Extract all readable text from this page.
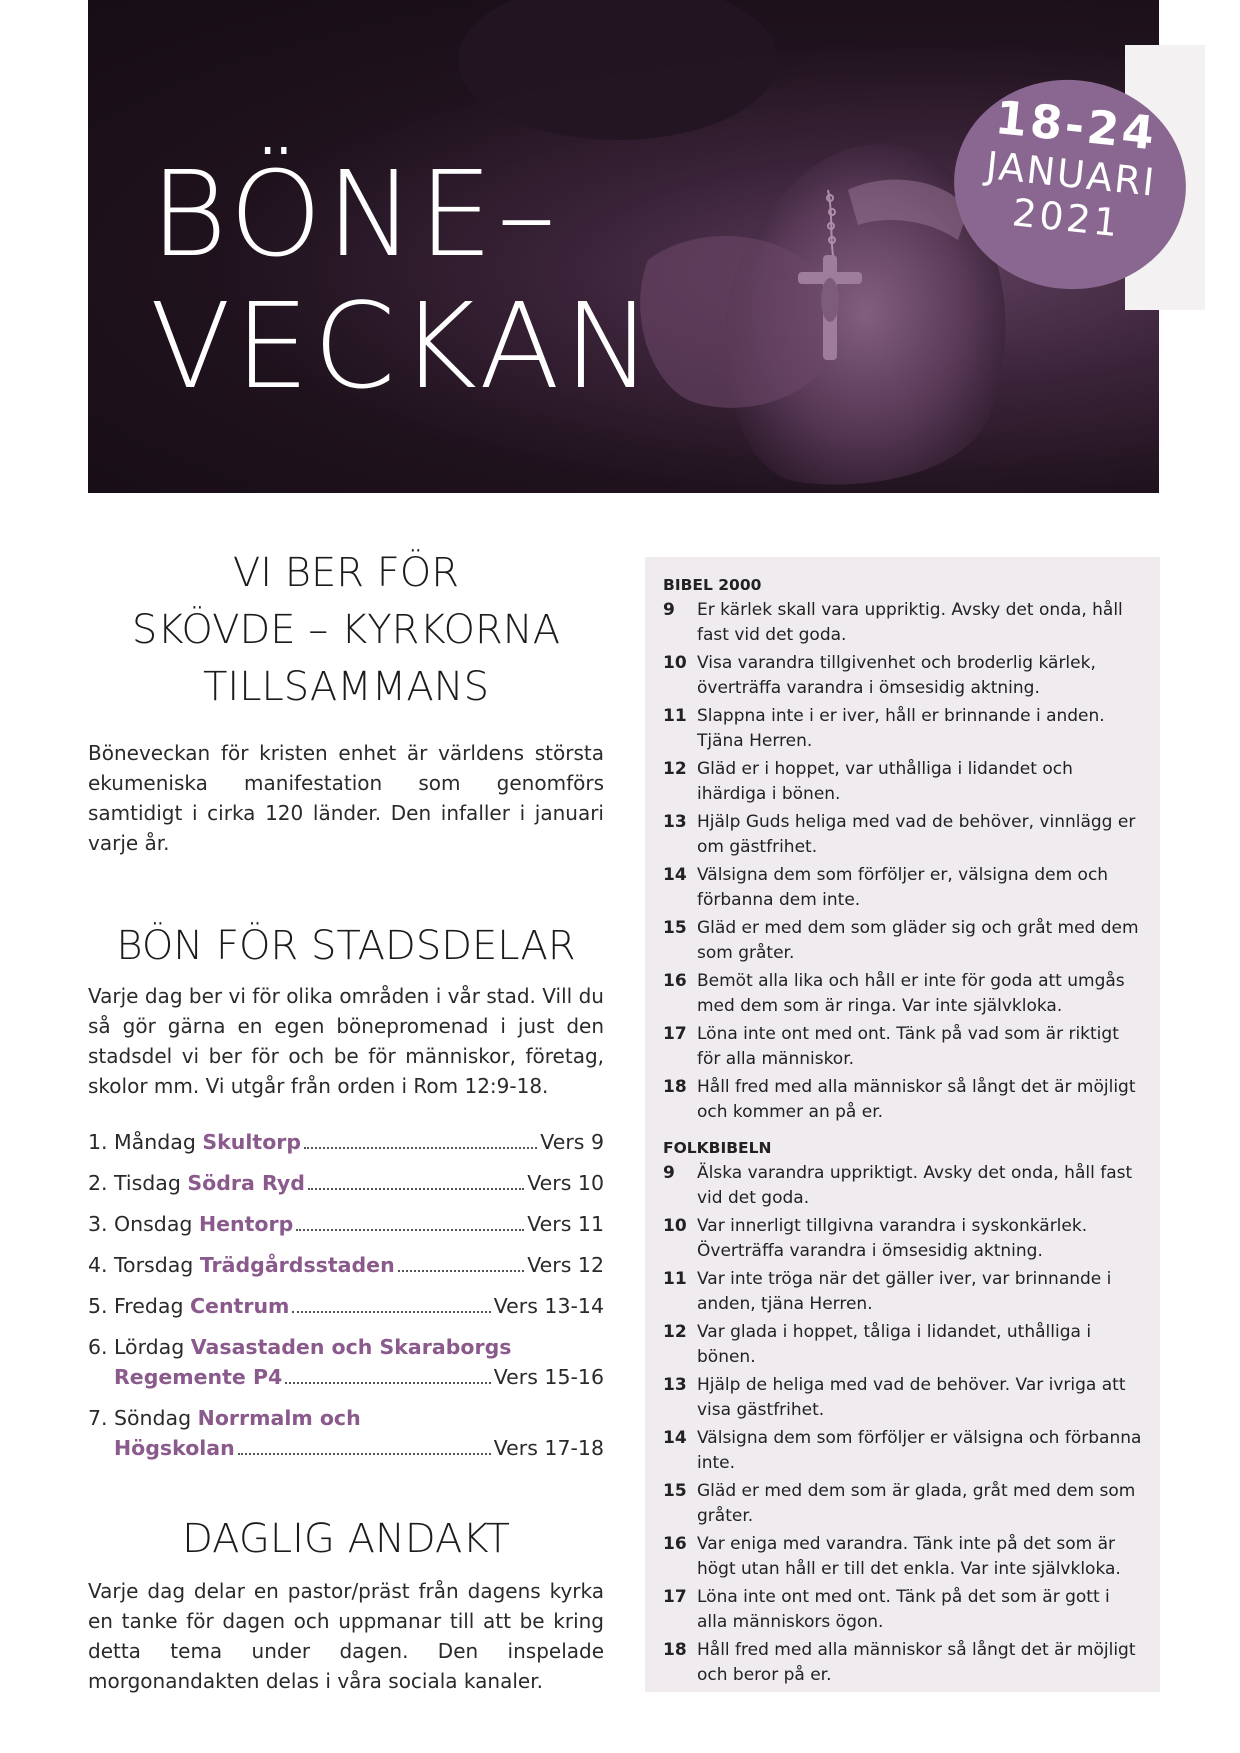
BÖNE–
VECKAN
18-24
JANUARI
2021
VI BER FÖR
SKÖVDE – KYRKORNA
TILLSAMMANS

Böneveckan för kristen enhet är världens största ekumeniska manifestation som genomförs samtidigt i cirka 120 länder. Den infaller i januari varje år.

BÖN FÖR STADSDELAR

Varje dag ber vi för olika områden i vår stad. Vill du så gör gärna en egen bönepromenad i just den stadsdel vi ber för och be för människor, företag, skolor mm. Vi utgår från orden i Rom 12:9-18.

1. Måndag Skultorp	Vers 9
2. Tisdag Södra Ryd	Vers 10
3. Onsdag Hentorp	Vers 11
4. Torsdag Trädgårdsstaden	Vers 12
5. Fredag Centrum	Vers 13-14
6. Lördag Vasastaden och Skaraborgs
Regemente P4	Vers 15-16
7. Söndag Norrmalm och
Högskolan	Vers 17-18
DAGLIG ANDAKT

Varje dag delar en pastor/präst från dagens kyrka en tanke för dagen och uppmanar till att be kring detta tema under dagen. Den inspelade morgonandakten delas i våra sociala kanaler.

BIBEL 2000

9	Er kärlek skall vara uppriktig. Avsky det onda, håll fast vid det goda.
10 Visa varandra tillgivenhet och broderlig kärlek, överträffa varandra i ömsesidig aktning.
11 Slappna inte i er iver, håll er brinnande i anden. Tjäna Herren.
12 Gläd er i hoppet, var uthålliga i lidandet och ihärdiga i bönen.
13 Hjälp Guds heliga med vad de behöver, vinnlägg er om gästfrihet.
14 Välsigna dem som förföljer er, välsigna dem och förbanna dem inte.
15 Gläd er med dem som gläder sig och gråt med dem som gråter.
16 Bemöt alla lika och håll er inte för goda att umgås med dem som är ringa. Var inte självkloka.
17 Löna inte ont med ont. Tänk på vad som är riktigt för alla människor.
18 Håll fred med alla människor så långt det är möjligt och kommer an på er.

FOLKBIBELN

9	Älska varandra uppriktigt. Avsky det onda, håll fast vid det goda.
10 Var innerligt tillgivna varandra i syskonkärlek. Överträffa varandra i ömsesidig aktning.
11 Var inte tröga när det gäller iver, var brinnande i anden, tjäna Herren.
12 Var glada i hoppet, tåliga i lidandet, uthålliga i bönen.
13 Hjälp de heliga med vad de behöver. Var ivriga att visa gästfrihet.
14 Välsigna dem som förföljer er välsigna och förbanna inte.
15 Gläd er med dem som är glada, gråt med dem som gråter.
16 Var eniga med varandra. Tänk inte på det som är högt utan håll er till det enkla. Var inte självkloka.
17 Löna inte ont med ont. Tänk på det som är gott i alla människors ögon.
18 Håll fred med alla människor så långt det är möjligt och beror på er.
